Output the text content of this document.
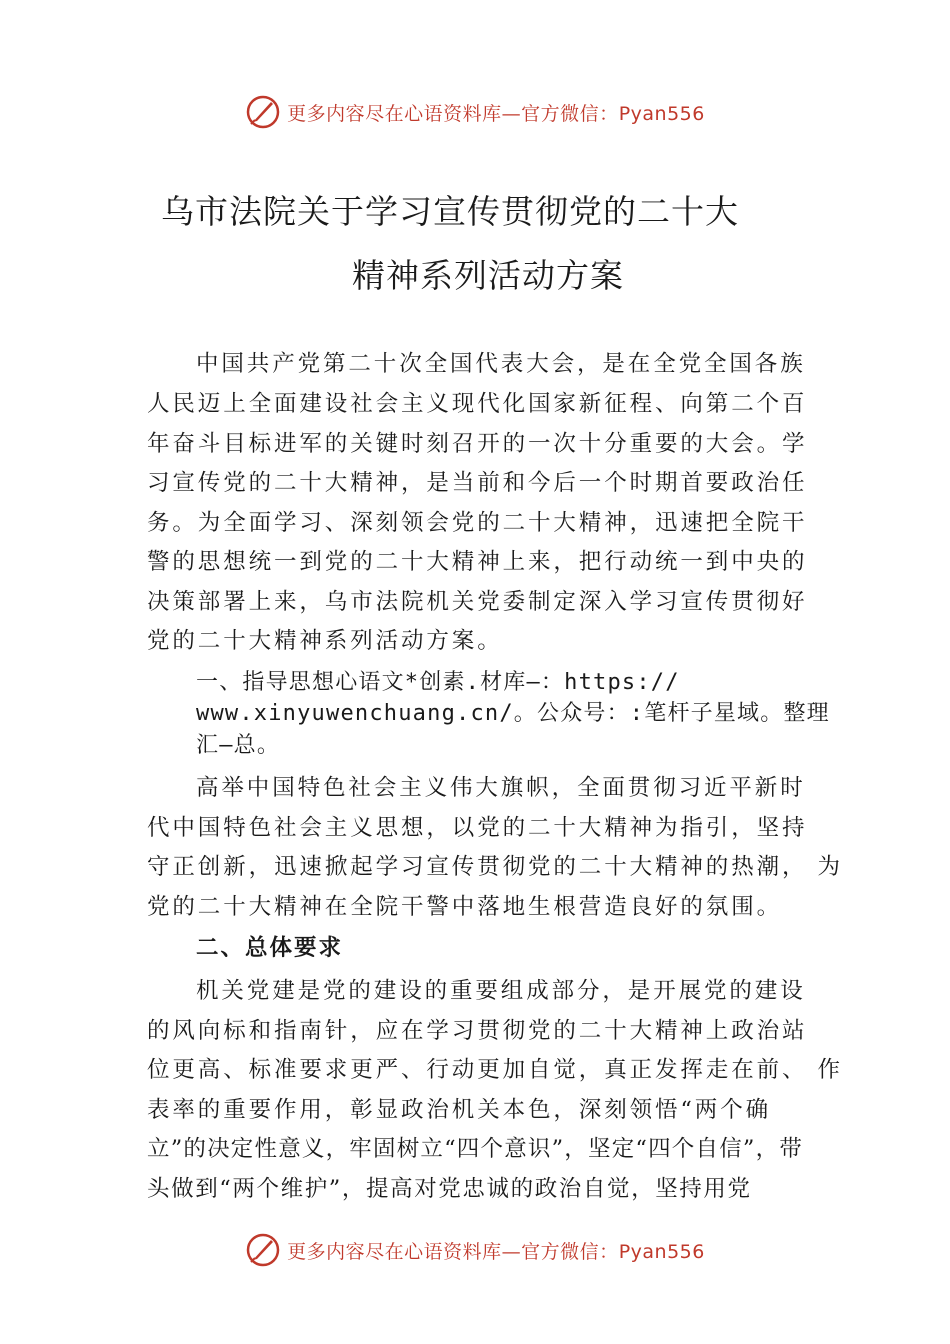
更多内容尽在心语资料库—官方微信：Pyan556
乌市法院关于学习宣传贯彻党的二十大
精神系列活动方案
中国共产党第二十次全国代表大会，是在全党全国各族
人民迈上全面建设社会主义现代化国家新征程、向第二个百
年奋斗目标进军的关键时刻召开的一次十分重要的大会。学
习宣传党的二十大精神，是当前和今后一个时期首要政治任
务。为全面学习、深刻领会党的二十大精神，迅速把全院干
警的思想统一到党的二十大精神上来，把行动统一到中央的
决策部署上来，乌市法院机关党委制定深入学习宣传贯彻好
党的二十大精神系列活动方案。
一、指导思想心语文*创素.材库—：https://
www.xinyuwenchuang.cn/。公众号：:笔杆子星域。整理
汇—总。
高举中国特色社会主义伟大旗帜，全面贯彻习近平新时
代中国特色社会主义思想，以党的二十大精神为指引，坚持
守正创新，迅速掀起学习宣传贯彻党的二十大精神的热潮， 为
党的二十大精神在全院干警中落地生根营造良好的氛围。
二、总体要求
机关党建是党的建设的重要组成部分，是开展党的建设
的风向标和指南针，应在学习贯彻党的二十大精神上政治站
位更高、标准要求更严、行动更加自觉，真正发挥走在前、 作
表率的重要作用，彰显政治机关本色，深刻领悟“两个确
立”的决定性意义，牢固树立“四个意识”，坚定“四个自信”，带
头做到“两个维护”，提高对党忠诚的政治自觉，坚持用党
更多内容尽在心语资料库—官方微信：Pyan556
